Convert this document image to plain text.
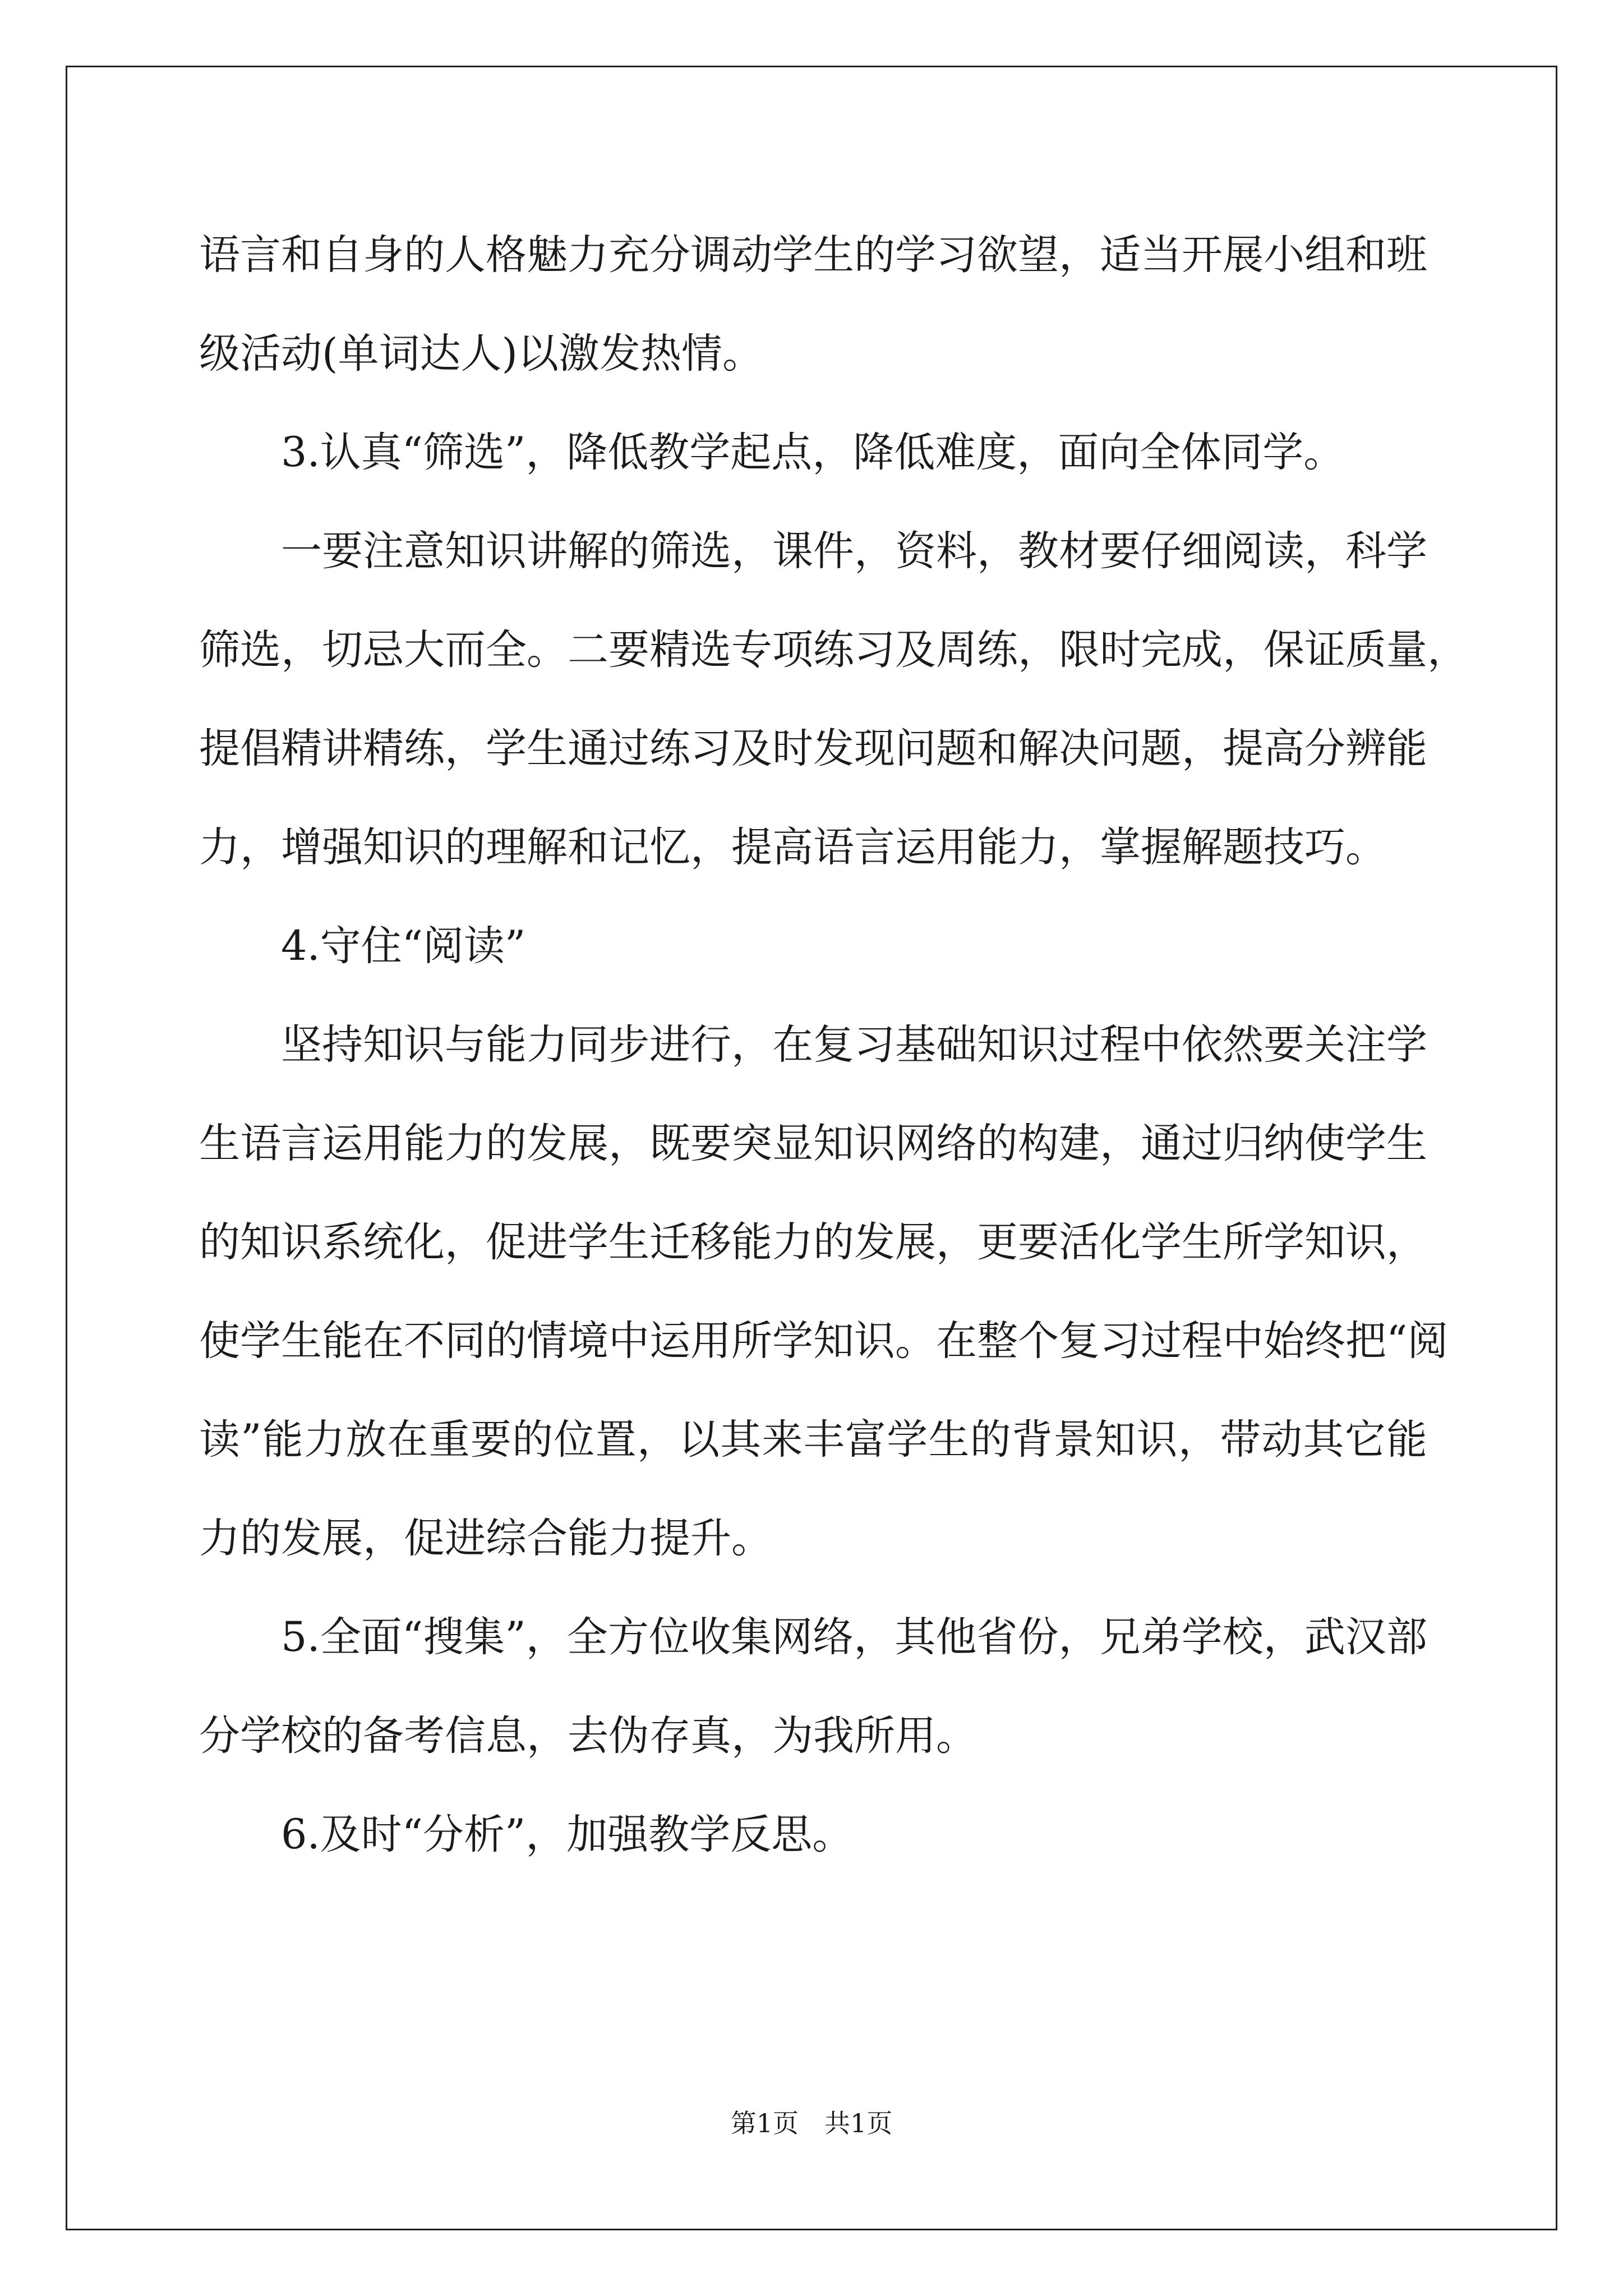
语言和自身的人格魅力充分调动学生的学习欲望，适当开展小组和班
级活动(单词达人)以激发热情。
3.认真“筛选”，降低教学起点，降低难度，面向全体同学。
一要注意知识讲解的筛选，课件，资料，教材要仔细阅读，科学
筛选，切忌大而全。二要精选专项练习及周练，限时完成，保证质量，
提倡精讲精练，学生通过练习及时发现问题和解决问题，提高分辨能
力，增强知识的理解和记忆，提高语言运用能力，掌握解题技巧。
4.守住“阅读”
坚持知识与能力同步进行，在复习基础知识过程中依然要关注学
生语言运用能力的发展，既要突显知识网络的构建，通过归纳使学生
的知识系统化，促进学生迁移能力的发展，更要活化学生所学知识，
使学生能在不同的情境中运用所学知识。在整个复习过程中始终把“阅
读”能力放在重要的位置，以其来丰富学生的背景知识，带动其它能
力的发展，促进综合能力提升。
5.全面“搜集”，全方位收集网络，其他省份，兄弟学校，武汉部
分学校的备考信息，去伪存真，为我所用。
6.及时“分析”，加强教学反思。
第1页　共1页
